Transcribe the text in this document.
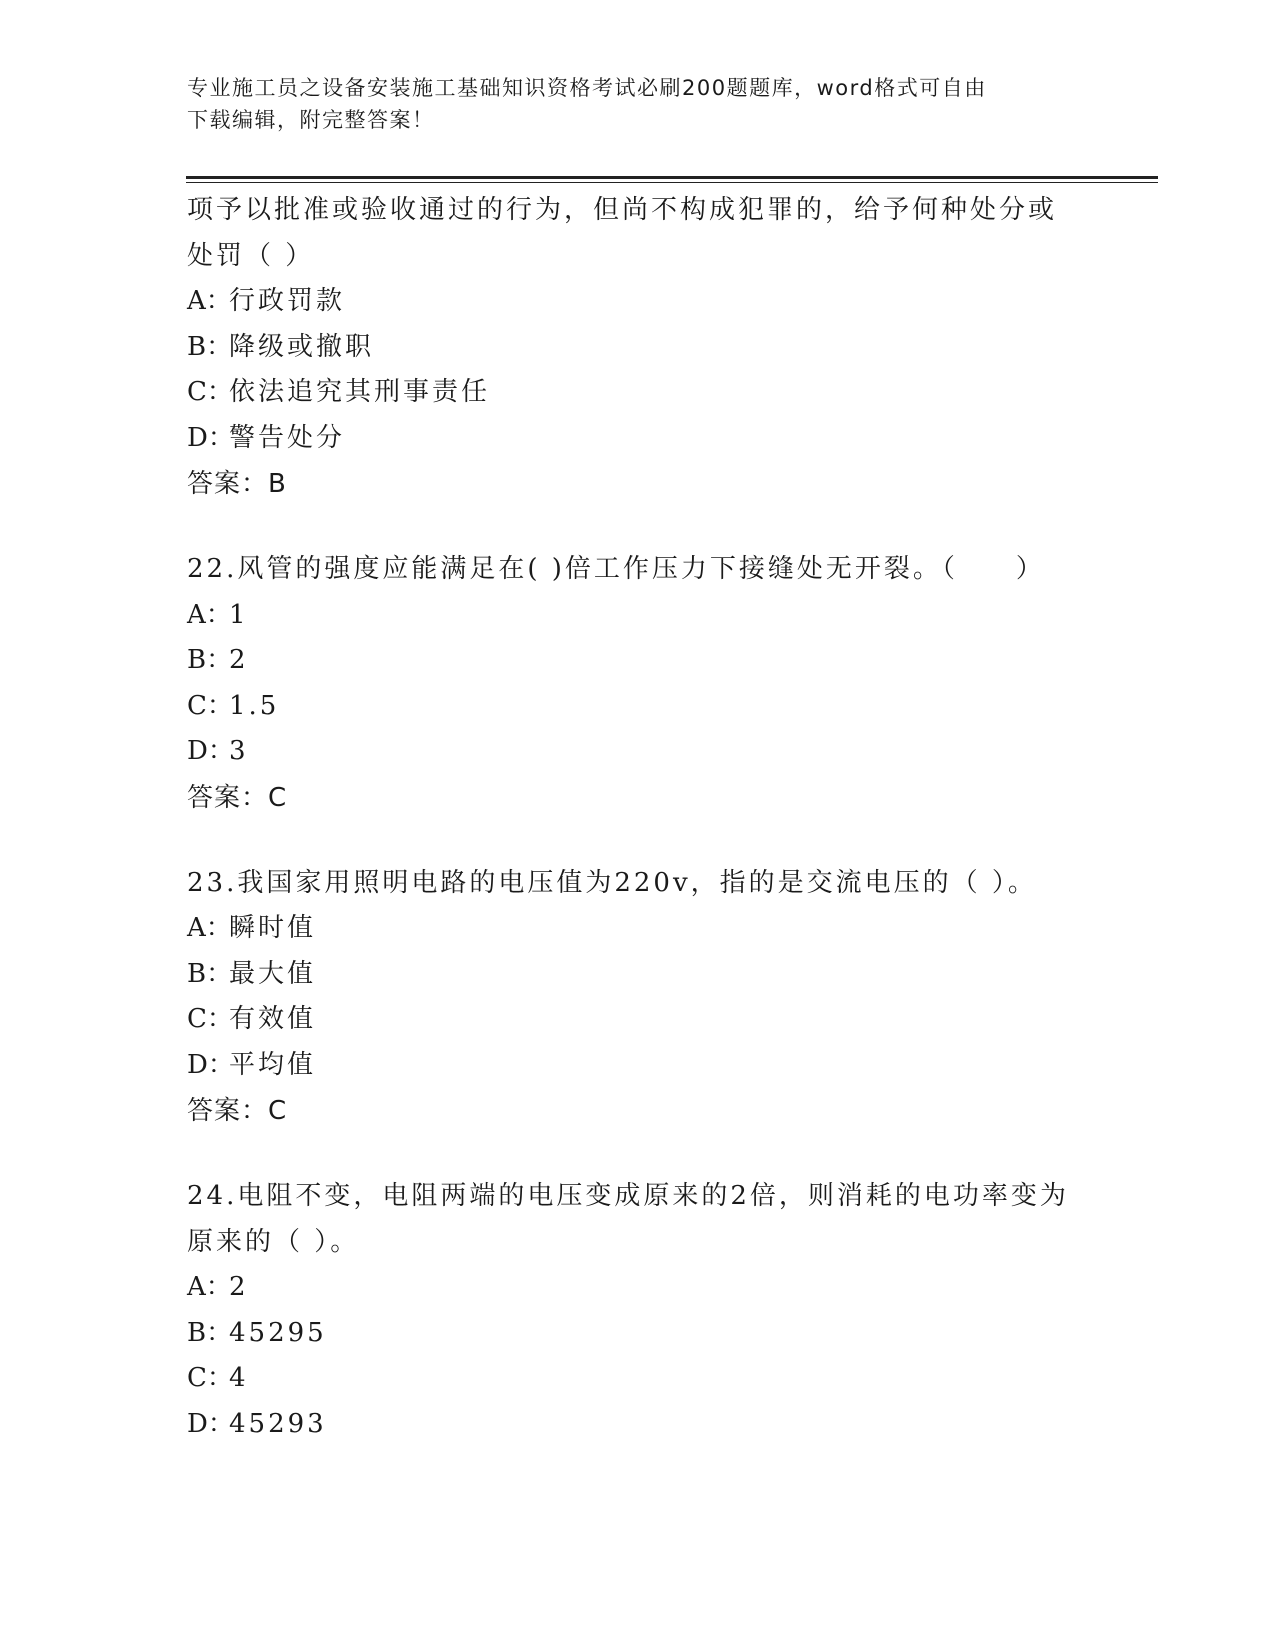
专业施工员之设备安装施工基础知识资格考试必刷200题题库，word格式可自由
下载编辑，附完整答案！
项予以批准或验收通过的行为，但尚不构成犯罪的，给予何种处分或
处罚（ ）
A：行政罚款
B：降级或撤职
C：依法追究其刑事责任
D：警告处分
答案：B
22.风管的强度应能满足在( )倍工作压力下接缝处无开裂。（　　）
A：1
B：2
C：1.5
D：3
答案：C
23.我国家用照明电路的电压值为220v，指的是交流电压的（ ）。
A：瞬时值
B：最大值
C：有效值
D：平均值
答案：C
24.电阻不变，电阻两端的电压变成原来的2倍，则消耗的电功率变为
原来的（ ）。
A：2
B：45295
C：4
D：45293
